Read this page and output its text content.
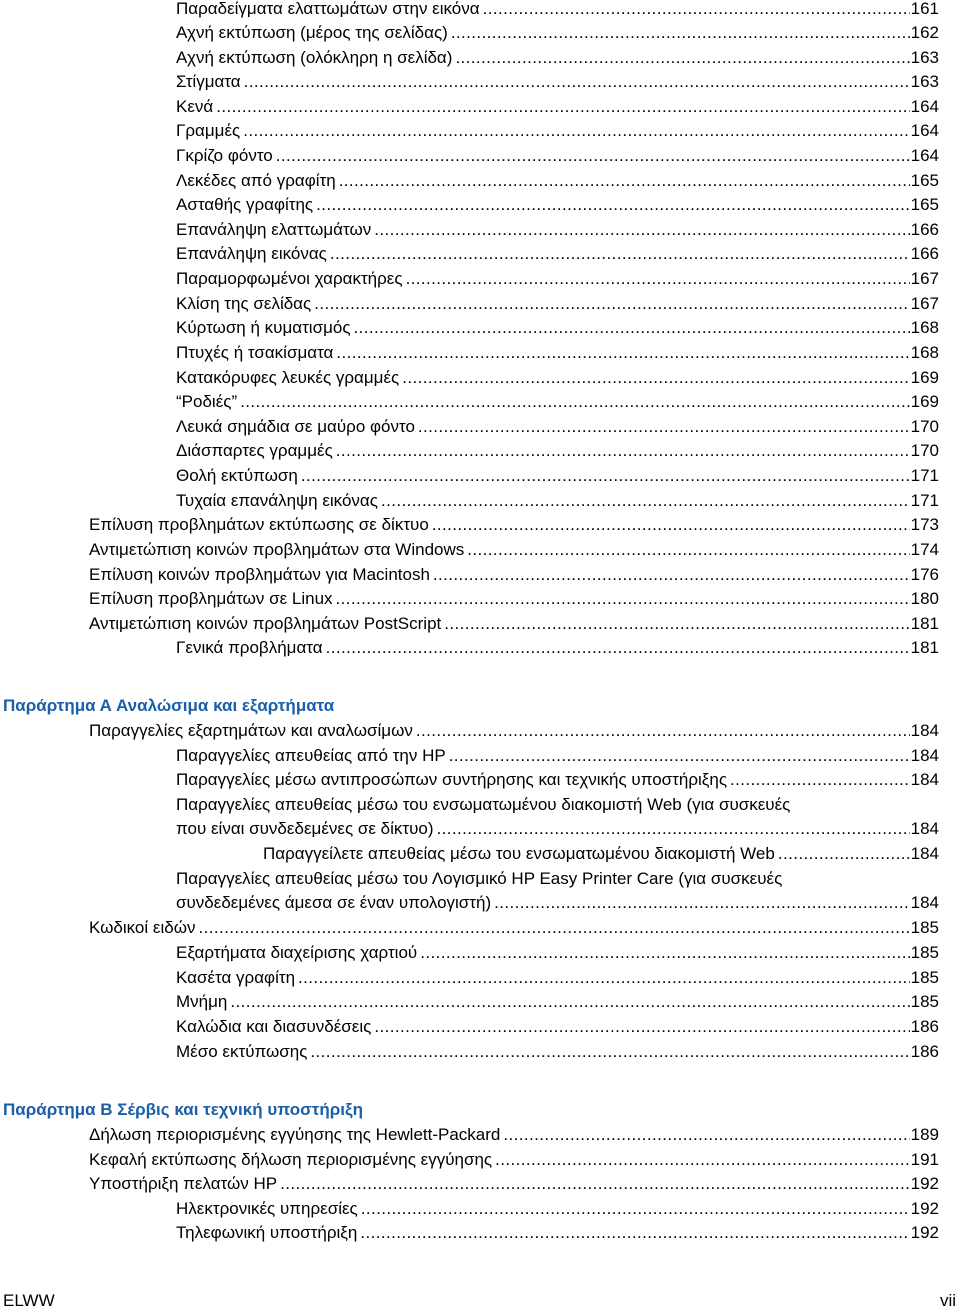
Παραδείγματα ελαττωμάτων στην εικόνα .....	161
Αχνή εκτύπωση (μέρος της σελίδας) .....	162
Αχνή εκτύπωση (ολόκληρη η σελίδα) .....	163
Στίγματα .....	163
Κενά .....	164
Γραμμές .....	164
Γκρίζο φόντο .....	164
Λεκέδες από γραφίτη .....	165
Ασταθής γραφίτης .....	165
Επανάληψη ελαττωμάτων .....	166
Επανάληψη εικόνας .....	166
Παραμορφωμένοι χαρακτήρες .....	167
Κλίση της σελίδας .....	167
Κύρτωση ή κυματισμός .....	168
Πτυχές ή τσακίσματα .....	168
Κατακόρυφες λευκές γραμμές .....	169
“Ροδιές” .....	169
Λευκά σημάδια σε μαύρο φόντο .....	170
Διάσπαρτες γραμμές .....	170
Θολή εκτύπωση .....	171
Τυχαία επανάληψη εικόνας .....	171
Επίλυση προβλημάτων εκτύπωσης σε δίκτυο .....	173
Αντιμετώπιση κοινών προβλημάτων στα Windows .....	174
Επίλυση κοινών προβλημάτων για Macintosh .....	176
Επίλυση προβλημάτων σε Linux .....	180
Αντιμετώπιση κοινών προβλημάτων PostScript .....	181
Γενικά προβλήματα .....	181
Παράρτημα Α Αναλώσιμα και εξαρτήματα
Παραγγελίες εξαρτημάτων και αναλωσίμων .....	184
Παραγγελίες απευθείας από την HP .....	184
Παραγγελίες μέσω αντιπροσώπων συντήρησης και τεχνικής υποστήριξης .....	184
Παραγγελίες απευθείας μέσω του ενσωματωμένου διακομιστή Web (για συσκευές
που είναι συνδεδεμένες σε δίκτυο) .....	184
Παραγγείλετε απευθείας μέσω του ενσωματωμένου διακομιστή Web .....	184
Παραγγελίες απευθείας μέσω του Λογισμικό HP Easy Printer Care (για συσκευές
συνδεδεμένες άμεσα σε έναν υπολογιστή) .....	184
Κωδικοί ειδών .....	185
Εξαρτήματα διαχείρισης χαρτιού .....	185
Κασέτα γραφίτη .....	185
Μνήμη .....	185
Καλώδια και διασυνδέσεις .....	186
Μέσο εκτύπωσης .....	186
Παράρτημα Β Σέρβις και τεχνική υποστήριξη
Δήλωση περιορισμένης εγγύησης της Hewlett-Packard .....	189
Κεφαλή εκτύπωσης δήλωση περιορισμένης εγγύησης .....	191
Υποστήριξη πελατών HP .....	192
Ηλεκτρονικές υπηρεσίες .....	192
Τηλεφωνική υποστήριξη .....	192
ELWW	vii
